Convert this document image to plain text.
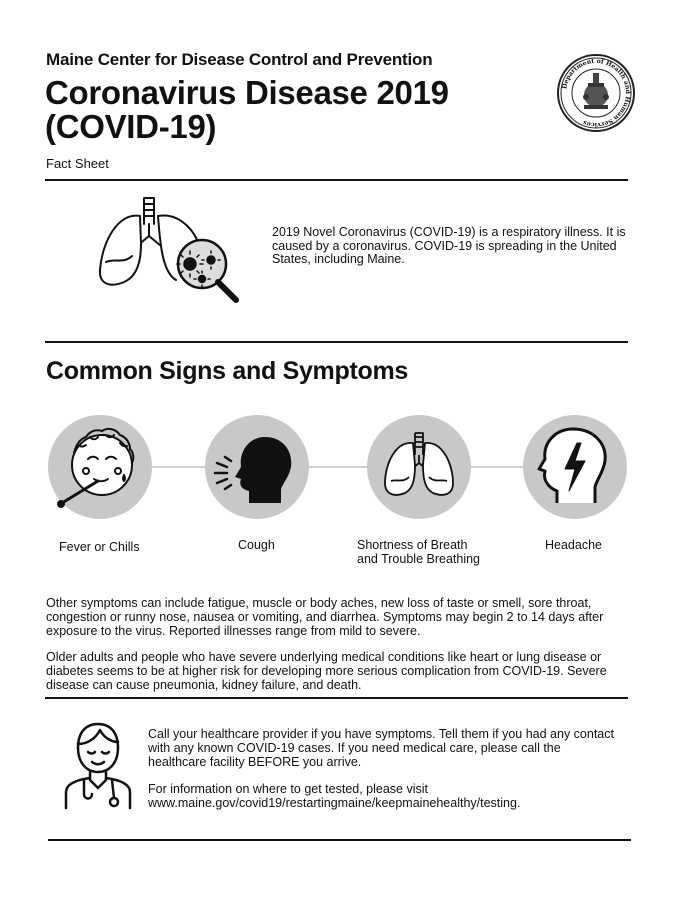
Maine Center for Disease Control and Prevention
Coronavirus Disease 2019
(COVID-19)
Fact Sheet
Department of Health and Human Services
2019 Novel Coronavirus (COVID-19) is a respiratory illness. It is caused by a coronavirus. COVID-19 is spreading in the United States, including Maine.
Common Signs and Symptoms
Fever or Chills	Cough	Shortness of Breath
and Trouble Breathing
Headache
Other symptoms can include fatigue, muscle or body aches, new loss of taste or smell, sore throat, congestion or runny nose, nausea or vomiting, and diarrhea. Symptoms may begin 2 to 14 days after exposure to the virus. Reported illnesses range from mild to severe.
Older adults and people who have severe underlying medical conditions like heart or lung disease or diabetes seems to be at higher risk for developing more serious complication from COVID-19. Severe disease can cause pneumonia, kidney failure, and death.
Call your healthcare provider if you have symptoms. Tell them if you had any contact with any known COVID-19 cases. If you need medical care, please call the healthcare facility BEFORE you arrive.
For information on where to get tested, please visit
www.maine.gov/covid19/restartingmaine/keepmainehealthy/testing.
